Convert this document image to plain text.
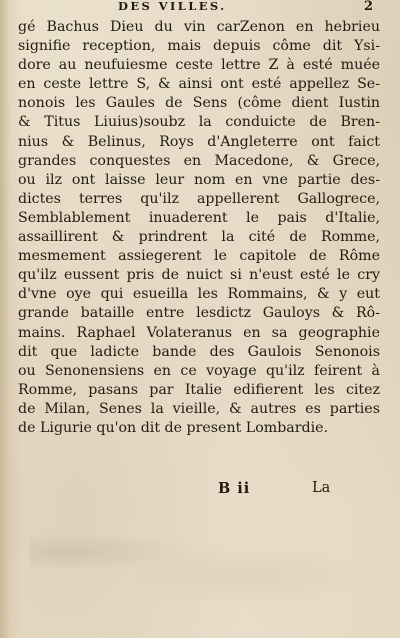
DES VILLES.	2
gé Bachus Dieu du vin carZenon en hebrieu
signifie reception, mais depuis côme dit Ysi-
dore au neufuiesme ceste lettre Z à esté muée
en ceste lettre S, & ainsi ont esté appellez Se-
nonois les Gaules de Sens (côme dient Iustin
& Titus Liuius)soubz la conduicte de Bren-
nius & Belinus, Roys d'Angleterre ont faict
grandes conquestes en Macedone, & Grece,
ou ilz ont laisse leur nom en vne partie des-
dictes terres qu'ilz appellerent Gallogrece,
Semblablement inuaderent le pais d'Italie,
assaillirent & prindrent la cité de Romme,
mesmement assiegerent le capitole de Rôme
qu'ilz eussent pris de nuict si n'eust esté le cry
d'vne oye qui esueilla les Rommains, & y eut
grande bataille entre lesdictz Gauloys & Rô-
mains. Raphael Volateranus en sa geographie
dit que ladicte bande des Gaulois Senonois
ou Senonensiens en ce voyage qu'ilz feirent à
Romme, pasans par Italie edifierent les citez
de Milan, Senes la vieille, & autres es parties
de Ligurie qu'on dit de present Lombardie.
B ii	La
